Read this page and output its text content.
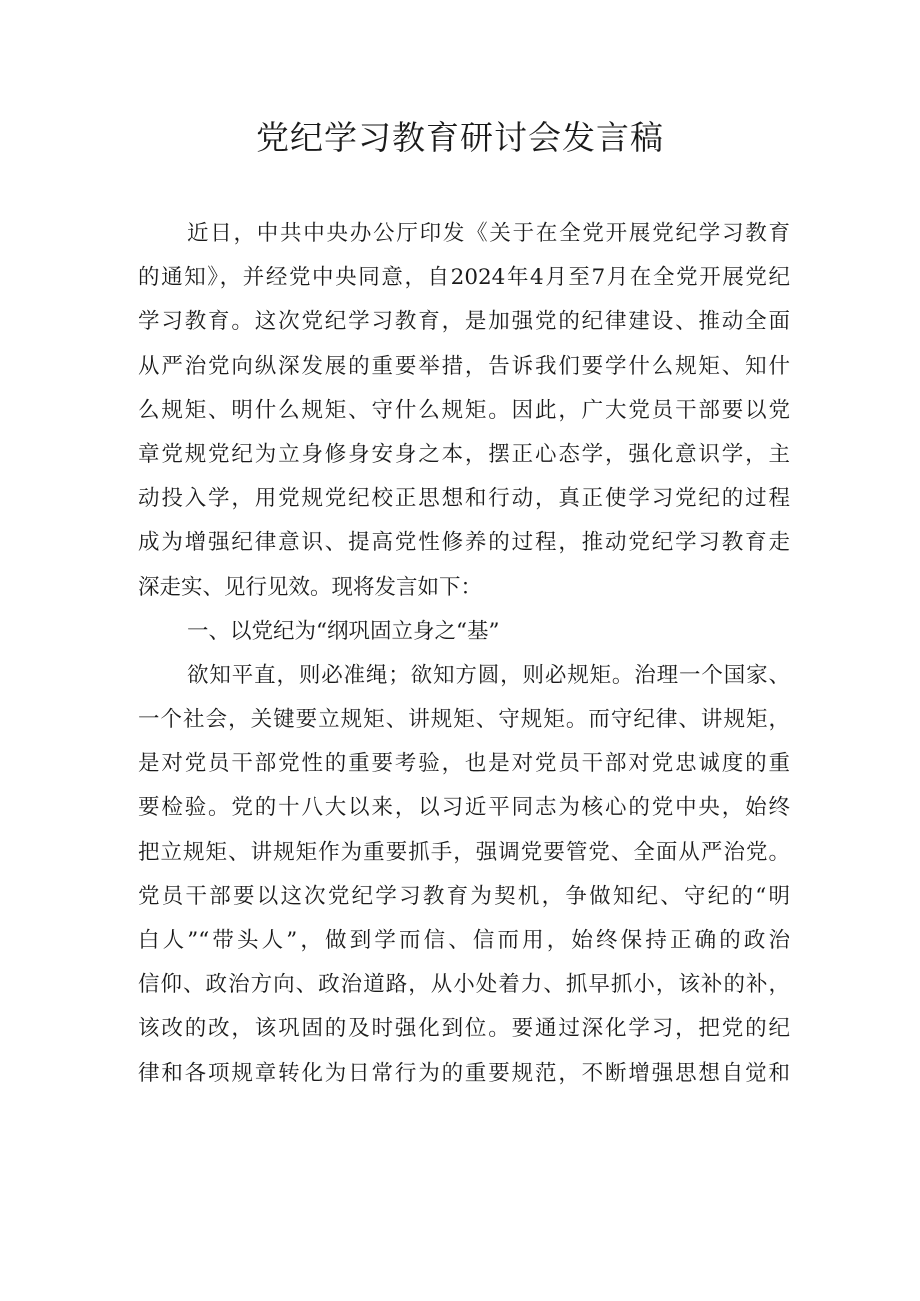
党纪学习教育研讨会发言稿
近日，中共中央办公厅印发《关于在全党开展党纪学习教育
的通知》，并经党中央同意，自2024年4月至7月在全党开展党纪
学习教育。这次党纪学习教育，是加强党的纪律建设、推动全面
从严治党向纵深发展的重要举措，告诉我们要学什么规矩、知什
么规矩、明什么规矩、守什么规矩。因此，广大党员干部要以党
章党规党纪为立身修身安身之本，摆正心态学，强化意识学，主
动投入学，用党规党纪校正思想和行动，真正使学习党纪的过程
成为增强纪律意识、提高党性修养的过程，推动党纪学习教育走
深走实、见行见效。现将发言如下：
一、以党纪为“纲巩固立身之“基”
欲知平直，则必准绳；欲知方圆，则必规矩。治理一个国家、
一个社会，关键要立规矩、讲规矩、守规矩。而守纪律、讲规矩，
是对党员干部党性的重要考验，也是对党员干部对党忠诚度的重
要检验。党的十八大以来，以习近平同志为核心的党中央，始终
把立规矩、讲规矩作为重要抓手，强调党要管党、全面从严治党。
党员干部要以这次党纪学习教育为契机，争做知纪、守纪的“明
白人”“带头人”，做到学而信、信而用，始终保持正确的政治
信仰、政治方向、政治道路，从小处着力、抓早抓小，该补的补，
该改的改，该巩固的及时强化到位。要通过深化学习，把党的纪
律和各项规章转化为日常行为的重要规范，不断增强思想自觉和
